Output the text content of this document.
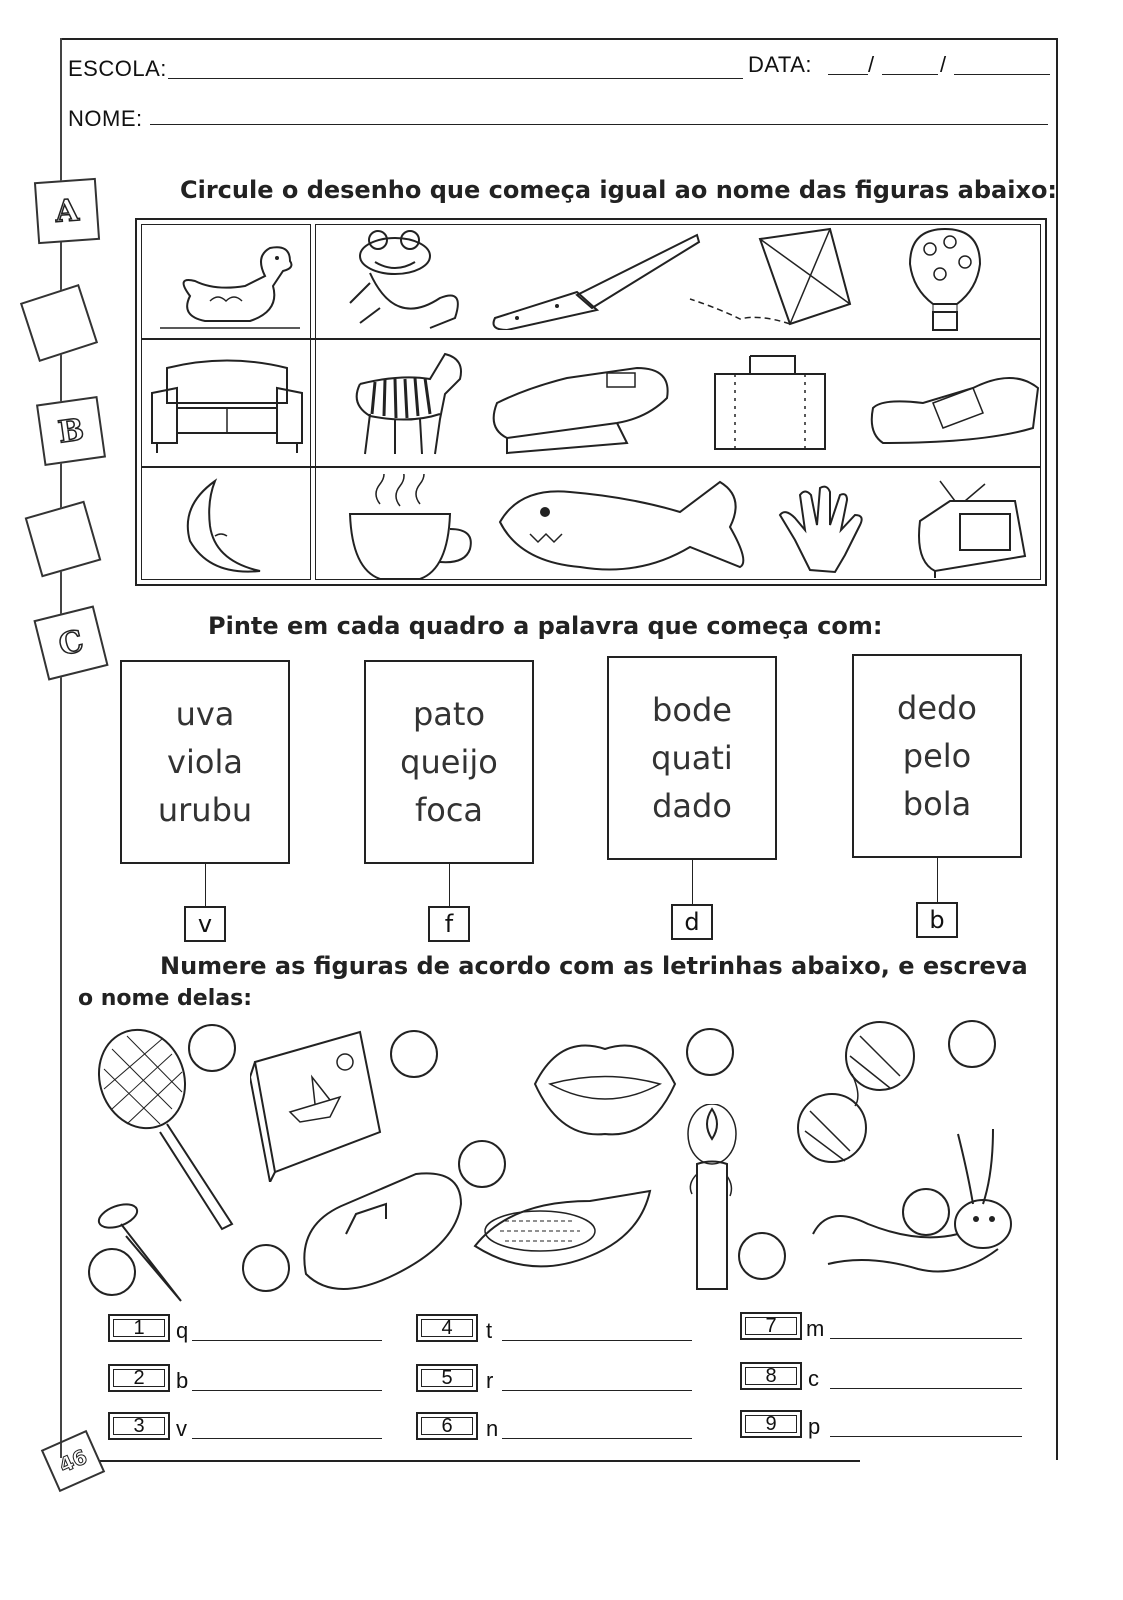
ESCOLA:	DATA:	/	/
NOME:
A
B
C
Circule o desenho que começa igual ao nome das figuras abaixo:
Pinte em cada quadro a palavra que começa com:
uva
viola
urubu
v
pato
queijo
foca
f
bode
quati
dado
d
dedo
pelo
bola
b
Numere as figuras de acordo com as letrinhas abaixo, e escreva
o nome delas:
1	q
2	b
3	v
4	t
5	r
6	n
7	m
8	c
9	p
46
